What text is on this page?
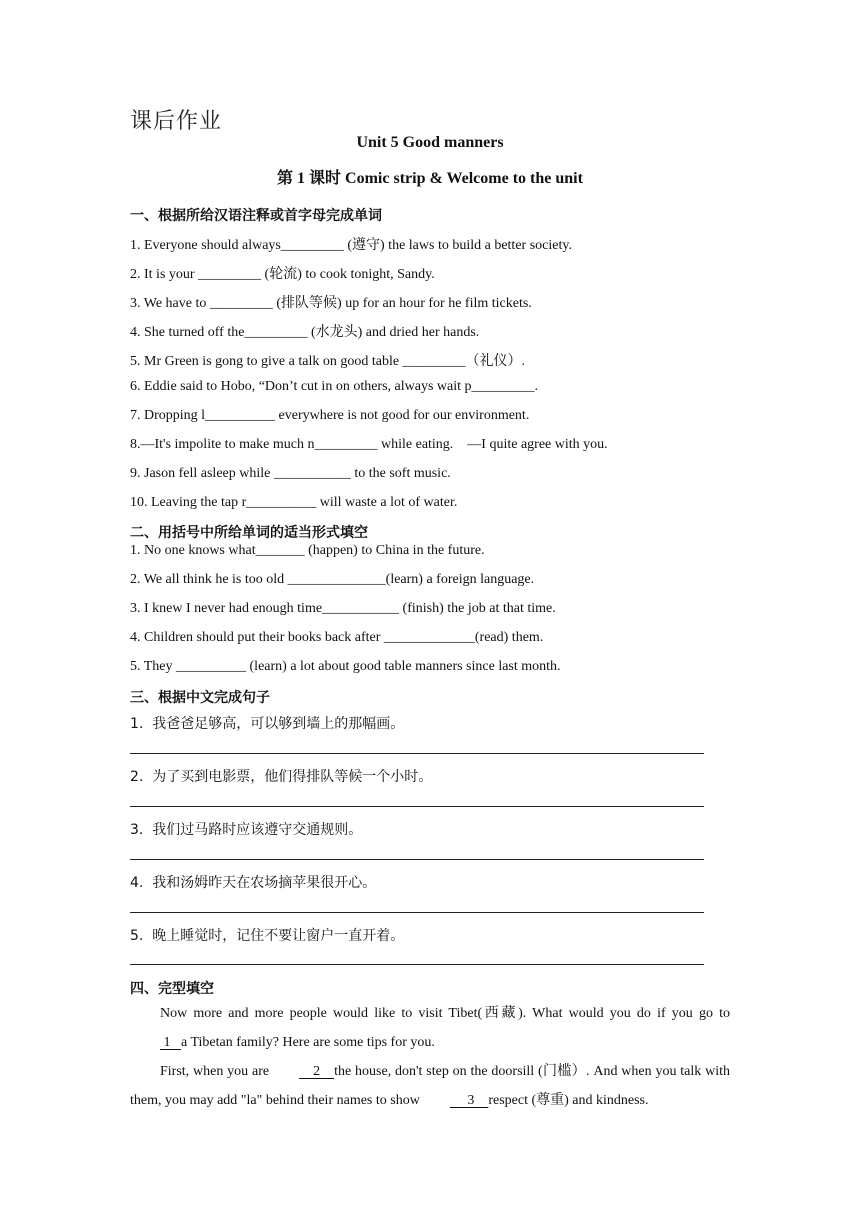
课后作业
Unit 5 Good manners
第 1 课时 Comic strip & Welcome to the unit
一、根据所给汉语注释或首字母完成单词
1. Everyone should always_________ (遵守) the laws to build a better society.
2. It is your _________ (轮流) to cook tonight, Sandy.
3. We have to _________ (排队等候) up for an hour for he film tickets.
4. She turned off the_________ (水龙头) and dried her hands.
5. Mr Green is gong to give a talk on good table _________（礼仪）.
6. Eddie said to Hobo, “Don’t cut in on others, always wait p_________.
7. Dropping l__________ everywhere is not good for our environment.
8.—It's impolite to make much n_________ while eating.    —I quite agree with you.
9. Jason fell asleep while ___________ to the soft music.
10. Leaving the tap r__________ will waste a lot of water.
二、用括号中所给单词的适当形式填空
1. No one knows what_______ (happen) to China in the future.
2. We all think he is too old ______________(learn) a foreign language.
3. I knew I never had enough time___________ (finish) the job at that time.
4. Children should put their books back after _____________(read) them.
5. They __________ (learn) a lot about good table manners since last month.
三、根据中文完成句子
1.  我爸爸足够高，可以够到墙上的那幅画。
2.  为了买到电影票，他们得排队等候一个小时。
3.  我们过马路时应该遵守交通规则。
4.  我和汤姆昨天在农场摘苹果很开心。
5.  晚上睡觉时，记住不要让窗户一直开着。
四、完型填空
Now more and more people would like to visit Tibet(西藏). What would you do if you go to  1 a Tibetan family? Here are some tips for you.
First, when you are	2 the house, don't step on the doorsill (门槛）. And when you talk with them, you may add "la" behind their names to show	3 respect (尊重) and kindness.
